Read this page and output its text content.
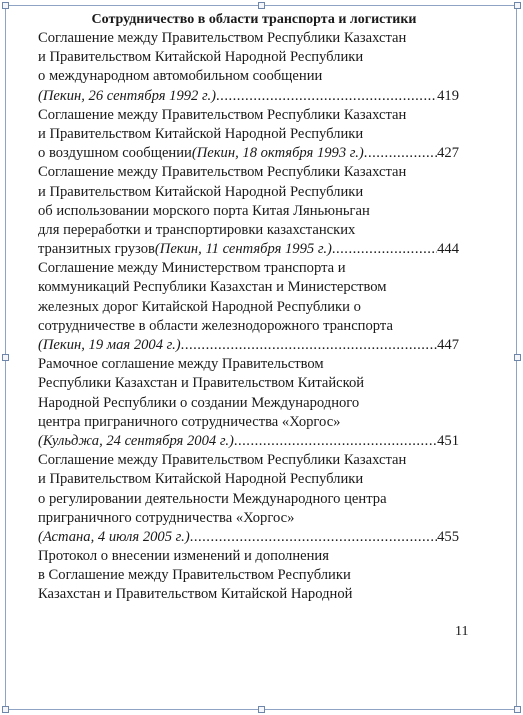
Сотрудничество в области транспорта и логистики
Соглашение между Правительством Республики Казахстан
и Правительством Китайской Народной Республики
о международном автомобильном сообщении
(Пекин, 26 сентября 1992 г.) .....	419
Соглашение между Правительством Республики Казахстан
и Правительством Китайской Народной Республики
о воздушном сообщении (Пекин, 18 октября 1993 г.) .....	427
Соглашение между Правительством Республики Казахстан
и Правительством Китайской Народной Республики
об использовании морского порта Китая Ляньюньган
для переработки и транспортировки казахстанских
транзитных грузов (Пекин, 11 сентября 1995 г.) .....	444
Соглашение между Министерством транспорта и
коммуникаций Республики Казахстан и Министерством
железных дорог Китайской Народной Республики о
сотрудничестве в области железнодорожного транспорта
(Пекин, 19 мая 2004 г.) .....	447
Рамочное соглашение между Правительством
Республики Казахстан и Правительством Китайской
Народной Республики о создании Международного
центра приграничного сотрудничества «Хоргос»
(Кульджа, 24 сентября 2004 г.) .....	451
Соглашение между Правительством Республики Казахстан
и Правительством Китайской Народной Республики
о регулировании деятельности Международного центра
приграничного сотрудничества «Хоргос»
(Астана, 4 июля 2005 г.) .....	455
Протокол о внесении изменений и дополнения
в Соглашение между Правительством Республики
Казахстан и Правительством Китайской Народной
11
